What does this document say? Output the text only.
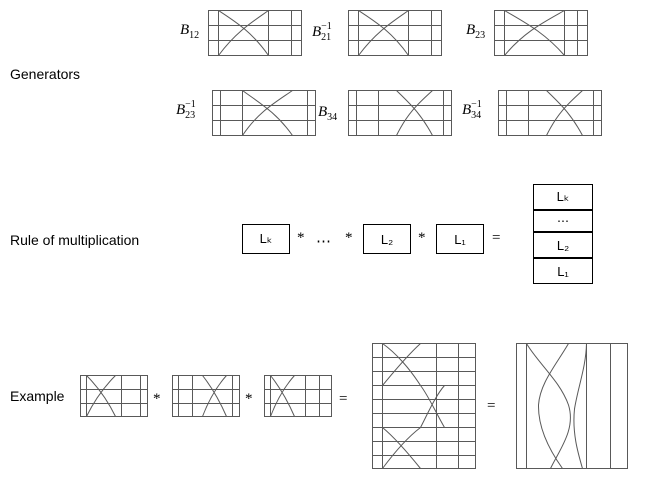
Generators
$B_{12}$	B−1
21	$B_{23}$
B−1
23	$B_{34}$	B−1
34
Rule of multiplication	Lₖ * ⋯ * L₂ * L₁ =
Lₖ
⋯
L₂
L₁
Example	*	*	=	=
